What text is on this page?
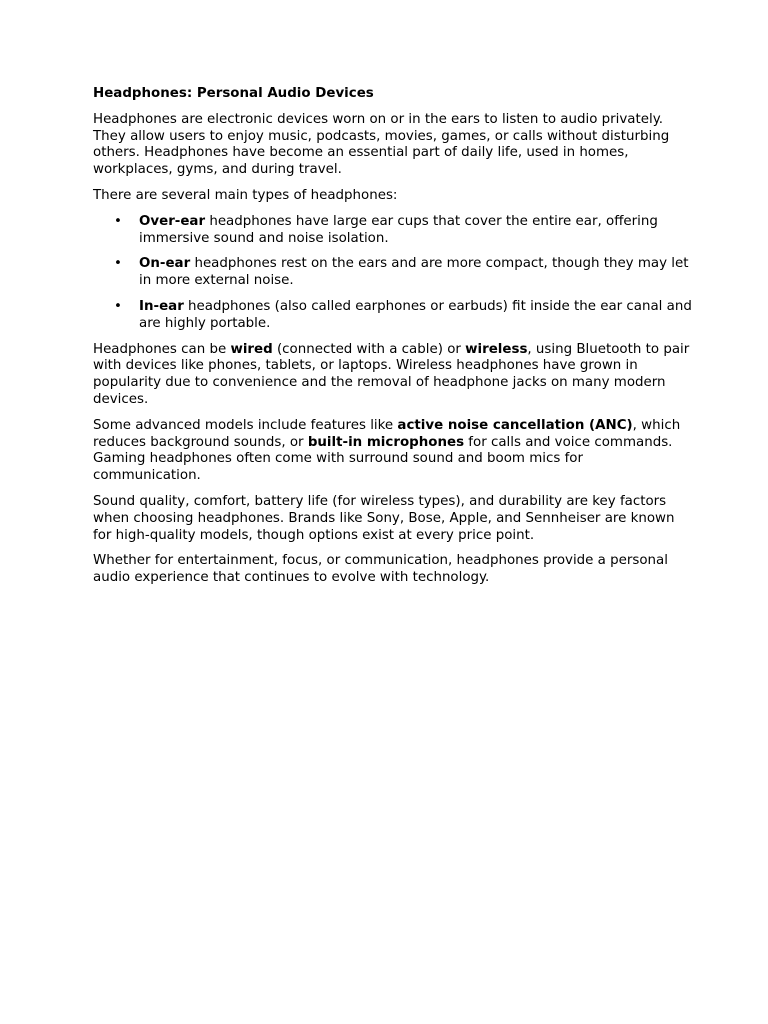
Headphones: Personal Audio Devices

Headphones are electronic devices worn on or in the ears to listen to audio privately. They allow users to enjoy music, podcasts, movies, games, or calls without disturbing others. Headphones have become an essential part of daily life, used in homes, workplaces, gyms, and during travel.

There are several main types of headphones:

• Over-ear headphones have large ear cups that cover the entire ear, offering immersive sound and noise isolation.
• On-ear headphones rest on the ears and are more compact, though they may let in more external noise.
• In-ear headphones (also called earphones or earbuds) fit inside the ear canal and are highly portable.

Headphones can be wired (connected with a cable) or wireless, using Bluetooth to pair with devices like phones, tablets, or laptops. Wireless headphones have grown in popularity due to convenience and the removal of headphone jacks on many modern devices.

Some advanced models include features like active noise cancellation (ANC), which reduces background sounds, or built-in microphones for calls and voice commands. Gaming headphones often come with surround sound and boom mics for communication.

Sound quality, comfort, battery life (for wireless types), and durability are key factors when choosing headphones. Brands like Sony, Bose, Apple, and Sennheiser are known for high-quality models, though options exist at every price point.

Whether for entertainment, focus, or communication, headphones provide a personal audio experience that continues to evolve with technology.
